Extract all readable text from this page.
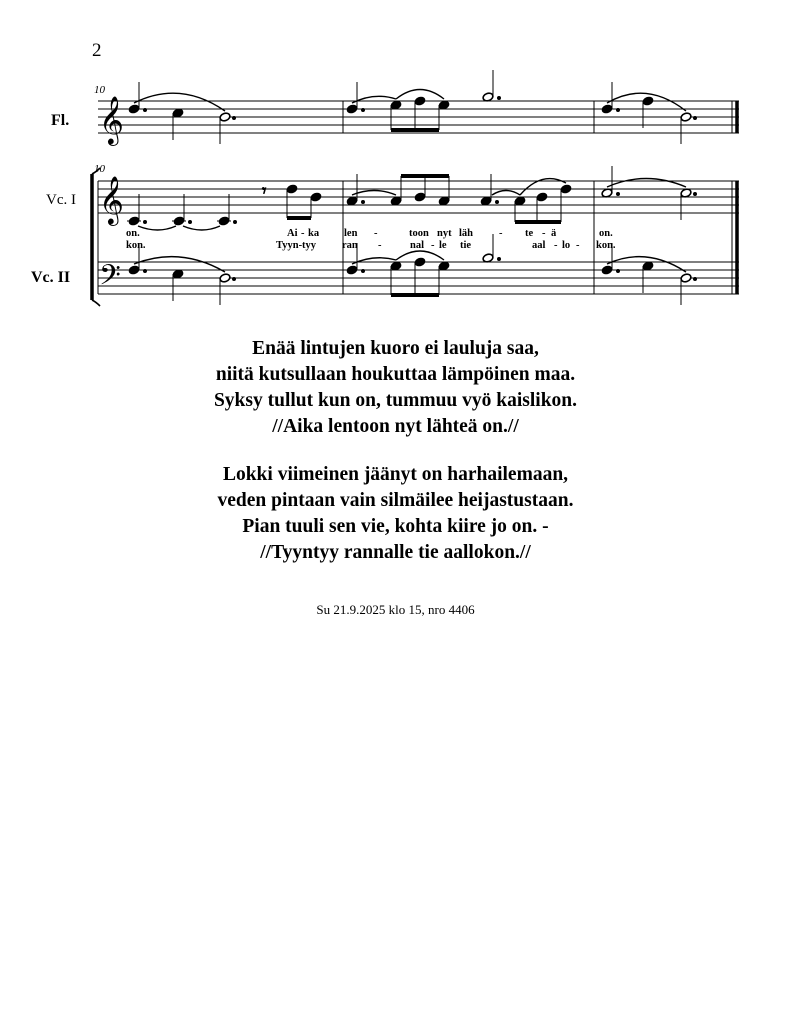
2
Fl.
Vc. I
Vc. II
10
10
𝄞
𝄞
𝄢
𝄾
on.	Ai - ka len -	toon nyt läh - te - ä	on.
kon.	Tyyn-tyy ran -	nal - le tie	aal - lo - kon.
Enää lintujen kuoro ei lauluja saa,
niitä kutsullaan houkuttaa lämpöinen maa.
Syksy tullut kun on, tummuu vyö kaislikon.
//Aika lentoon nyt lähteä on.//
Lokki viimeinen jäänyt on harhailemaan,
veden pintaan vain silmäilee heijastustaan.
Pian tuuli sen vie, kohta kiire jo on. -
//Tyyntyy rannalle tie aallokon.//
Su 21.9.2025 klo 15, nro 4406
